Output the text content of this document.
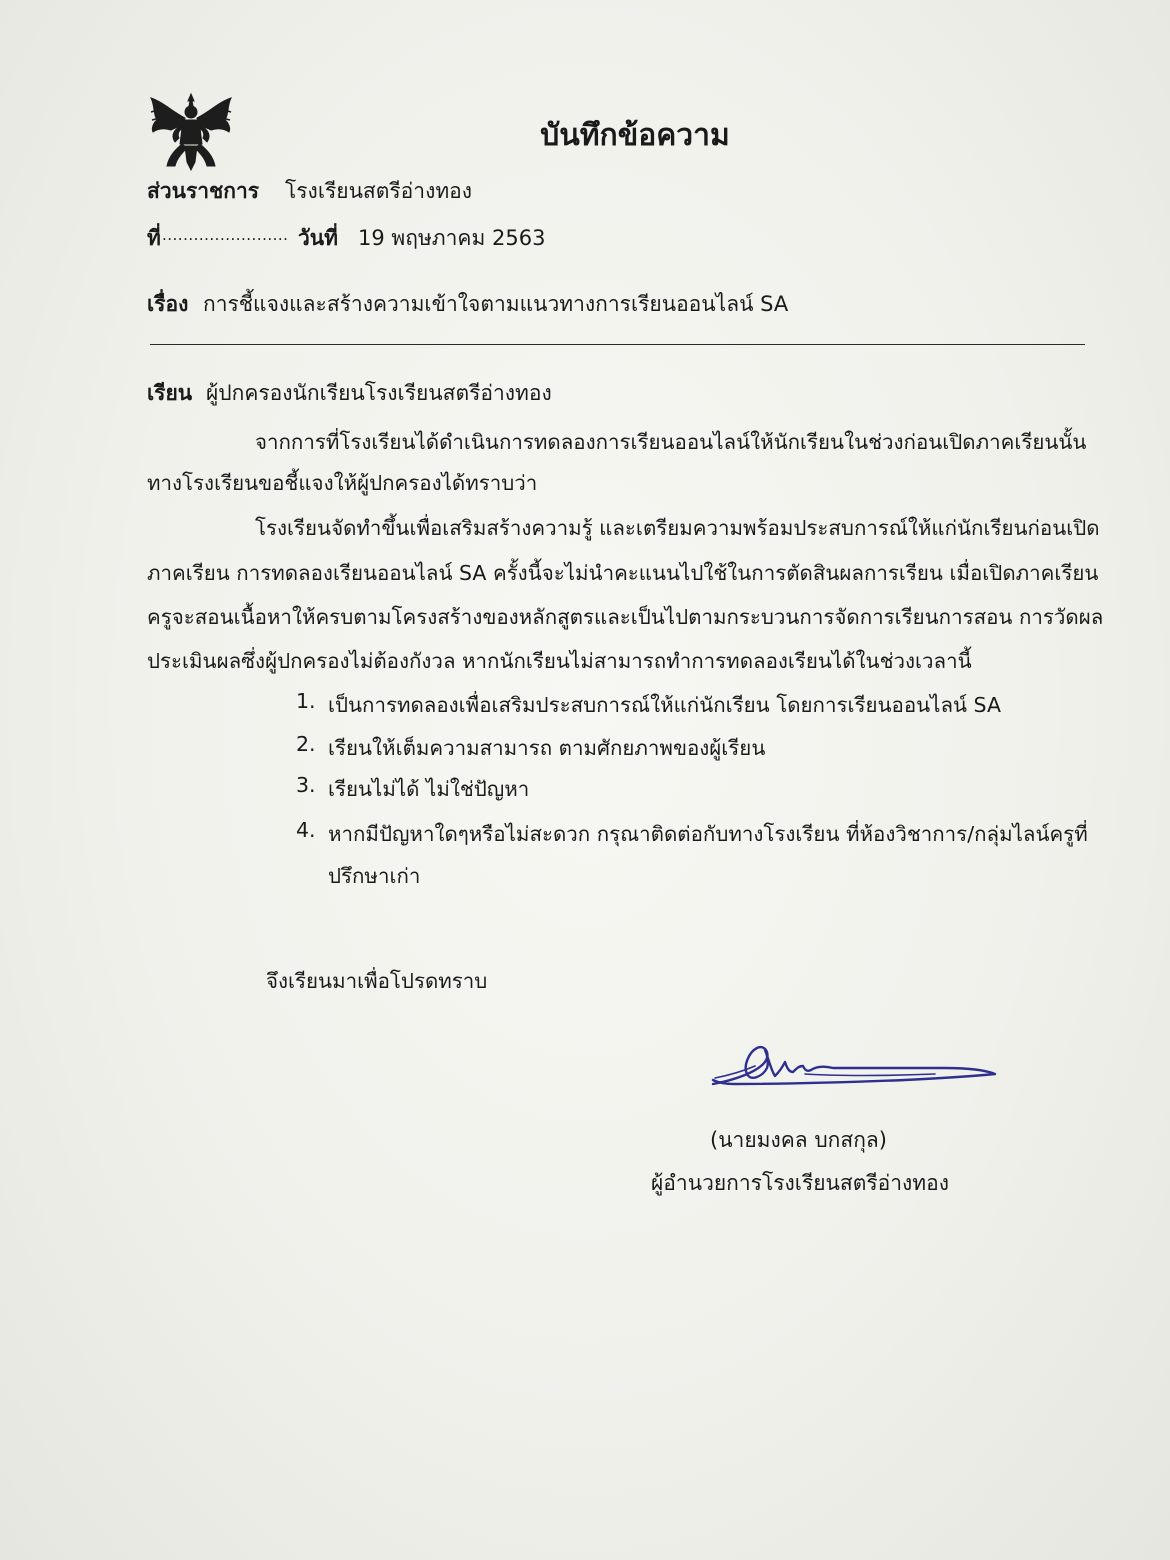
บันทึกข้อความ
ส่วนราชการ โรงเรียนสตรีอ่างทอง
ที่ ........................ วันที่ 19 พฤษภาคม 2563
เรื่อง การชี้แจงและสร้างความเข้าใจตามแนวทางการเรียนออนไลน์ SA
เรียน ผู้ปกครองนักเรียนโรงเรียนสตรีอ่างทอง
จากการที่โรงเรียนได้ดำเนินการทดลองการเรียนออนไลน์ให้นักเรียนในช่วงก่อนเปิดภาคเรียนนั้น
ทางโรงเรียนขอชี้แจงให้ผู้ปกครองได้ทราบว่า
โรงเรียนจัดทำขึ้นเพื่อเสริมสร้างความรู้ และเตรียมความพร้อมประสบการณ์ให้แก่นักเรียนก่อนเปิด
ภาคเรียน การทดลองเรียนออนไลน์ SA ครั้งนี้จะไม่นำคะแนนไปใช้ในการตัดสินผลการเรียน เมื่อเปิดภาคเรียน
ครูจะสอนเนื้อหาให้ครบตามโครงสร้างของหลักสูตรและเป็นไปตามกระบวนการจัดการเรียนการสอน การวัดผล
ประเมินผลซึ่งผู้ปกครองไม่ต้องกังวล หากนักเรียนไม่สามารถทำการทดลองเรียนได้ในช่วงเวลานี้
1. เป็นการทดลองเพื่อเสริมประสบการณ์ให้แก่นักเรียน โดยการเรียนออนไลน์ SA
2. เรียนให้เต็มความสามารถ ตามศักยภาพของผู้เรียน
3. เรียนไม่ได้ ไม่ใช่ปัญหา
4. หากมีปัญหาใดๆหรือไม่สะดวก กรุณาติดต่อกับทางโรงเรียน ที่ห้องวิชาการ/กลุ่มไลน์ครูที่
ปรึกษาเก่า
จึงเรียนมาเพื่อโปรดทราบ
(นายมงคล บกสกุล)
ผู้อำนวยการโรงเรียนสตรีอ่างทอง
